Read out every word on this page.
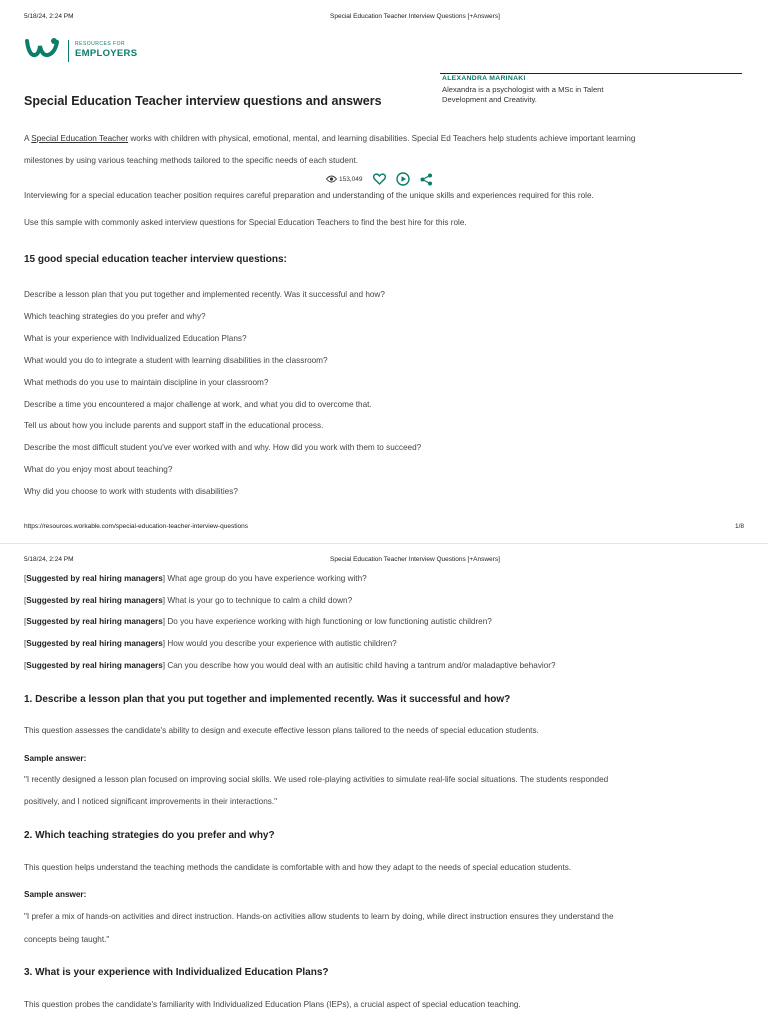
5/18/24, 2:24 PM	Special Education Teacher Interview Questions [+Answers]
RESOURCES FOR
EMPLOYERS
ALEXANDRA MARINAKI
Alexandra is a psychologist with a MSc in Talent Development and Creativity.
Special Education Teacher interview questions and answers
A Special Education Teacher works with children with physical, emotional, mental, and learning disabilities. Special Ed Teachers help students achieve important learning
milestones by using various teaching methods tailored to the specific needs of each student.
153,049
Interviewing for a special education teacher position requires careful preparation and understanding of the unique skills and experiences required for this role.
Use this sample with commonly asked interview questions for Special Education Teachers to find the best hire for this role.
15 good special education teacher interview questions:
Describe a lesson plan that you put together and implemented recently. Was it successful and how?
Which teaching strategies do you prefer and why?
What is your experience with Individualized Education Plans?
What would you do to integrate a student with learning disabilities in the classroom?
What methods do you use to maintain discipline in your classroom?
Describe a time you encountered a major challenge at work, and what you did to overcome that.
Tell us about how you include parents and support staff in the educational process.
Describe the most difficult student you've ever worked with and why. How did you work with them to succeed?
What do you enjoy most about teaching?
Why did you choose to work with students with disabilities?
https://resources.workable.com/special-education-teacher-interview-questions	1/8
5/18/24, 2:24 PM	Special Education Teacher Interview Questions [+Answers]
[Suggested by real hiring managers] What age group do you have experience working with?
[Suggested by real hiring managers] What is your go to technique to calm a child down?
[Suggested by real hiring managers] Do you have experience working with high functioning or low functioning autistic children?
[Suggested by real hiring managers] How would you describe your experience with autistic children?
[Suggested by real hiring managers] Can you describe how you would deal with an autisitic child having a tantrum and/or maladaptive behavior?
1. Describe a lesson plan that you put together and implemented recently. Was it successful and how?
This question assesses the candidate's ability to design and execute effective lesson plans tailored to the needs of special education students.
Sample answer:
"I recently designed a lesson plan focused on improving social skills. We used role-playing activities to simulate real-life social situations. The students responded
positively, and I noticed significant improvements in their interactions."
2. Which teaching strategies do you prefer and why?
This question helps understand the teaching methods the candidate is comfortable with and how they adapt to the needs of special education students.
Sample answer:
"I prefer a mix of hands-on activities and direct instruction. Hands-on activities allow students to learn by doing, while direct instruction ensures they understand the
concepts being taught."
3. What is your experience with Individualized Education Plans?
This question probes the candidate's familiarity with Individualized Education Plans (IEPs), a crucial aspect of special education teaching.
